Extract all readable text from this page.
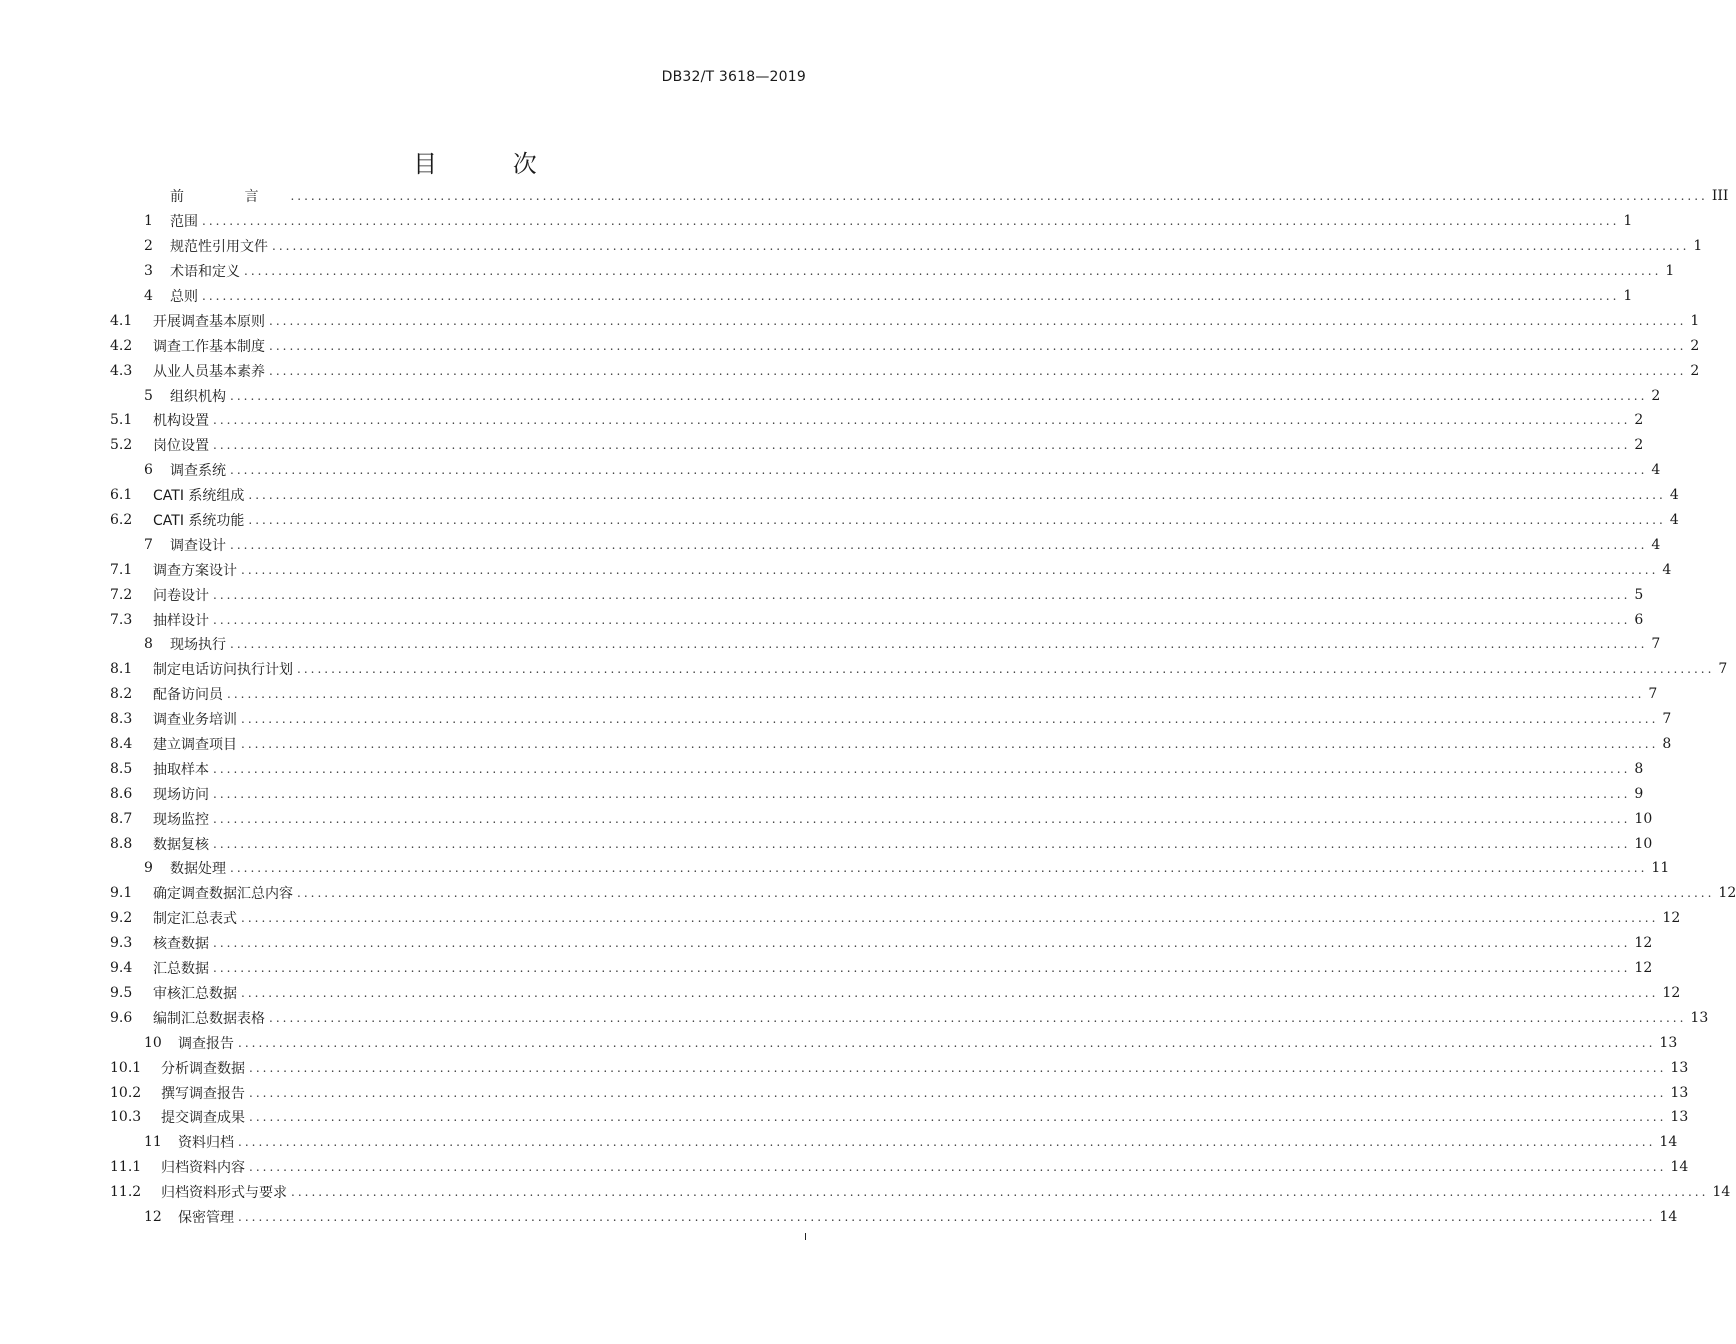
DB32/T 3618—2019
目 次
前 言 ................................................................................................................................................................................................................ III
1	范围 ................................................................................................................................................................................................................ 1
2	规范性引用文件 ................................................................................................................................................................................................................ 1
3	术语和定义 ................................................................................................................................................................................................................ 1
4	总则 ................................................................................................................................................................................................................ 1
4.1	开展调查基本原则 ................................................................................................................................................................................................................ 1
4.2	调查工作基本制度 ................................................................................................................................................................................................................ 2
4.3	从业人员基本素养 ................................................................................................................................................................................................................ 2
5	组织机构 ................................................................................................................................................................................................................ 2
5.1	机构设置 ................................................................................................................................................................................................................ 2
5.2	岗位设置 ................................................................................................................................................................................................................ 2
6	调查系统 ................................................................................................................................................................................................................ 4
6.1	CATI 系统组成 ................................................................................................................................................................................................................ 4
6.2	CATI 系统功能 ................................................................................................................................................................................................................ 4
7	调查设计 ................................................................................................................................................................................................................ 4
7.1	调查方案设计 ................................................................................................................................................................................................................ 4
7.2	问卷设计 ................................................................................................................................................................................................................ 5
7.3	抽样设计 ................................................................................................................................................................................................................ 6
8	现场执行 ................................................................................................................................................................................................................ 7
8.1	制定电话访问执行计划 ................................................................................................................................................................................................................ 7
8.2	配备访问员 ................................................................................................................................................................................................................ 7
8.3	调查业务培训 ................................................................................................................................................................................................................ 7
8.4	建立调查项目 ................................................................................................................................................................................................................ 8
8.5	抽取样本 ................................................................................................................................................................................................................ 8
8.6	现场访问 ................................................................................................................................................................................................................ 9
8.7	现场监控 ................................................................................................................................................................................................................ 10
8.8	数据复核 ................................................................................................................................................................................................................ 10
9	数据处理 ................................................................................................................................................................................................................ 11
9.1	确定调查数据汇总内容 ................................................................................................................................................................................................................ 12
9.2	制定汇总表式 ................................................................................................................................................................................................................ 12
9.3	核查数据 ................................................................................................................................................................................................................ 12
9.4	汇总数据 ................................................................................................................................................................................................................ 12
9.5	审核汇总数据 ................................................................................................................................................................................................................ 12
9.6	编制汇总数据表格 ................................................................................................................................................................................................................ 13
10	调查报告 ................................................................................................................................................................................................................ 13
10.1	分析调查数据 ................................................................................................................................................................................................................ 13
10.2	撰写调查报告 ................................................................................................................................................................................................................ 13
10.3	提交调查成果 ................................................................................................................................................................................................................ 13
11	资料归档 ................................................................................................................................................................................................................ 14
11.1	归档资料内容 ................................................................................................................................................................................................................ 14
11.2	归档资料形式与要求 ................................................................................................................................................................................................................ 14
12	保密管理 ................................................................................................................................................................................................................ 14
I
